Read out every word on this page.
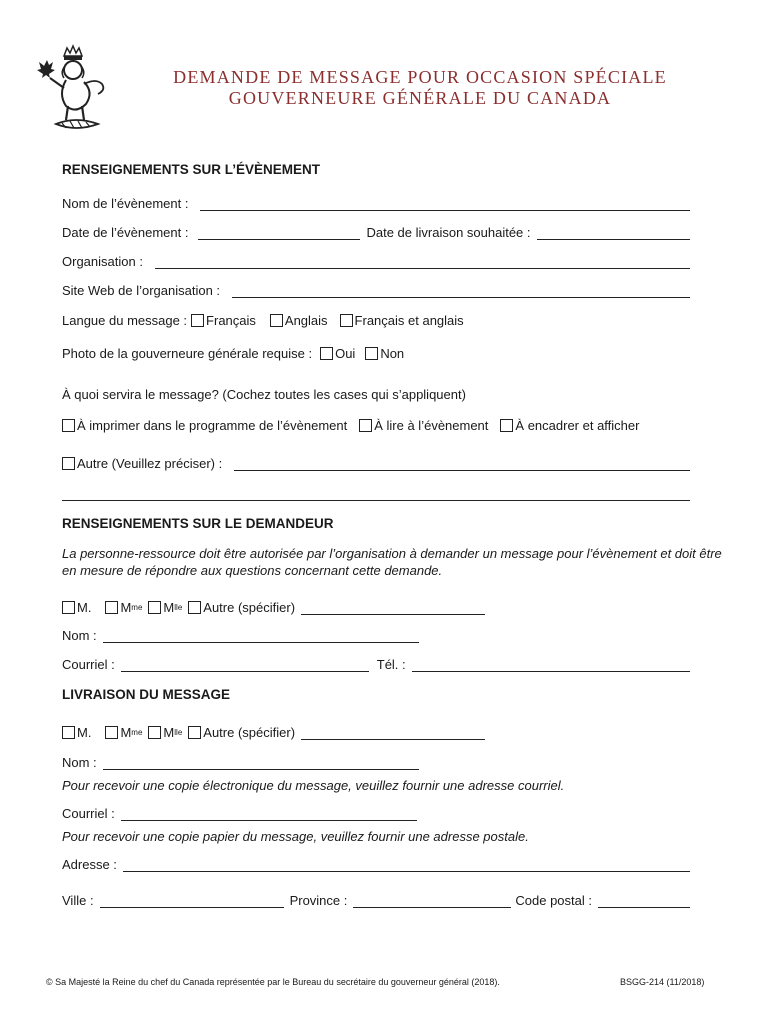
DEMANDE DE MESSAGE POUR OCCASION SPÉCIALE
GOUVERNEURE GÉNÉRALE DU CANADA
RENSEIGNEMENTS SUR L’ÉVÈNEMENT
Nom de l’évènement :
Date de l’évènement :	Date de livraison souhaitée :
Organisation :
Site Web de l’organisation :
Langue du message : Français Anglais Français et anglais
Photo de la gouverneure générale requise : Oui Non
À quoi servira le message? (Cochez toutes les cases qui s’appliquent)
À imprimer dans le programme de l’évènement À lire à l’évènement À encadrer et afficher
Autre (Veuillez préciser) :
RENSEIGNEMENTS SUR LE DEMANDEUR
La personne-ressource doit être autorisée par l’organisation à demander un message pour l’évènement et doit être en mesure de répondre aux questions concernant cette demande.
M. M me M lle Autre (spécifier)
Nom :
Courriel :	Tél. :
LIVRAISON DU MESSAGE
M. M me M lle Autre (spécifier)
Nom :
Pour recevoir une copie électronique du message, veuillez fournir une adresse courriel.
Courriel :
Pour recevoir une copie papier du message, veuillez fournir une adresse postale.
Adresse :
Ville :	Province :	Code postal :
© Sa Majesté la Reine du chef du Canada représentée par le Bureau du secrétaire du gouverneur général (2018).	BSGG-214 (11/2018)
